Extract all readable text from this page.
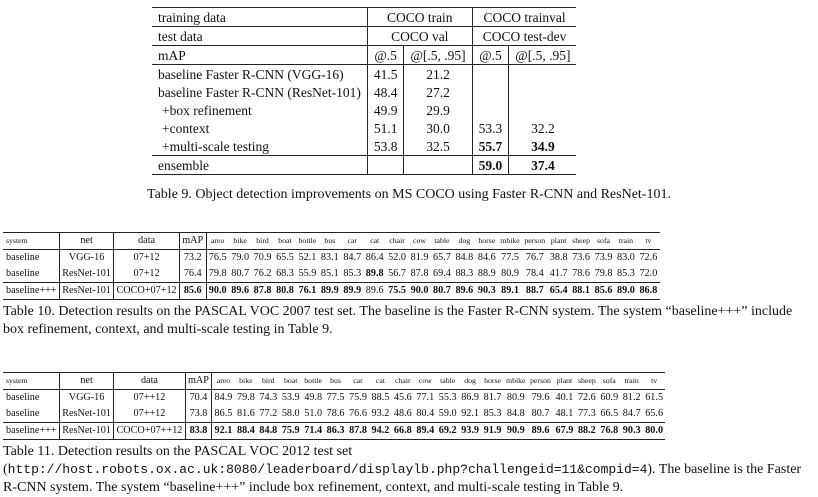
training data	COCO train		COCO trainval	
test data	COCO val		COCO test-dev	
mAP	@.5	@[.5, .95]	@.5	@[.5, .95]
baseline Faster R-CNN (VGG-16)	41.5	21.2		
baseline Faster R-CNN (ResNet-101)	48.4	27.2		
+box refinement	49.9	29.9		
+context	51.1	30.0	53.3	32.2
+multi-scale testing	53.8	32.5	55.7	34.9
ensemble			59.0	37.4
Table 9. Object detection improvements on MS COCO using Faster R-CNN and ResNet-101.
system	net	data	mAP	areo	bike	bird	boat	bottle	bus	car	cat	chair	cow	table	dog	horse	mbike	person	plant	sheep	sofa	train	tv
baseline	VGG-16	07+12	73.2	76.5	79.0	70.9	65.5	52.1	83.1	84.7	86.4	52.0	81.9	65.7	84.8	84.6	77.5	76.7	38.8	73.6	73.9	83.0	72.6
baseline	ResNet-101	07+12	76.4	79.8	80.7	76.2	68.3	55.9	85.1	85.3	89.8	56.7	87.8	69.4	88.3	88.9	80.9	78.4	41.7	78.6	79.8	85.3	72.0
baseline+++	ResNet-101	COCO+07+12	85.6	90.0	89.6	87.8	80.8	76.1	89.9	89.9	89.6	75.5	90.0	80.7	89.6	90.3	89.1	88.7	65.4	88.1	85.6	89.0	86.8
Table 10. Detection results on the PASCAL VOC 2007 test set. The baseline is the Faster R-CNN system. The system “baseline+++” include box refinement, context, and multi-scale testing in Table 9.
system	net	data	mAP	areo	bike	bird	boat	bottle	bus	car	cat	chair	cow	table	dog	horse	mbike	person	plant	sheep	sofa	train	tv
baseline	VGG-16	07++12	70.4	84.9	79.8	74.3	53.9	49.8	77.5	75.9	88.5	45.6	77.1	55.3	86.9	81.7	80.9	79.6	40.1	72.6	60.9	81.2	61.5
baseline	ResNet-101	07++12	73.8	86.5	81.6	77.2	58.0	51.0	78.6	76.6	93.2	48.6	80.4	59.0	92.1	85.3	84.8	80.7	48.1	77.3	66.5	84.7	65.6
baseline+++	ResNet-101	COCO+07++12	83.8	92.1	88.4	84.8	75.9	71.4	86.3	87.8	94.2	66.8	89.4	69.2	93.9	91.9	90.9	89.6	67.9	88.2	76.8	90.3	80.0
Table 11. Detection results on the PASCAL VOC 2012 test set (http://host.robots.ox.ac.uk:8080/leaderboard/displaylb.php?challengeid=11&compid=4). The baseline is the Faster R-CNN system. The system “baseline+++” include box refinement, context, and multi-scale testing in Table 9.
